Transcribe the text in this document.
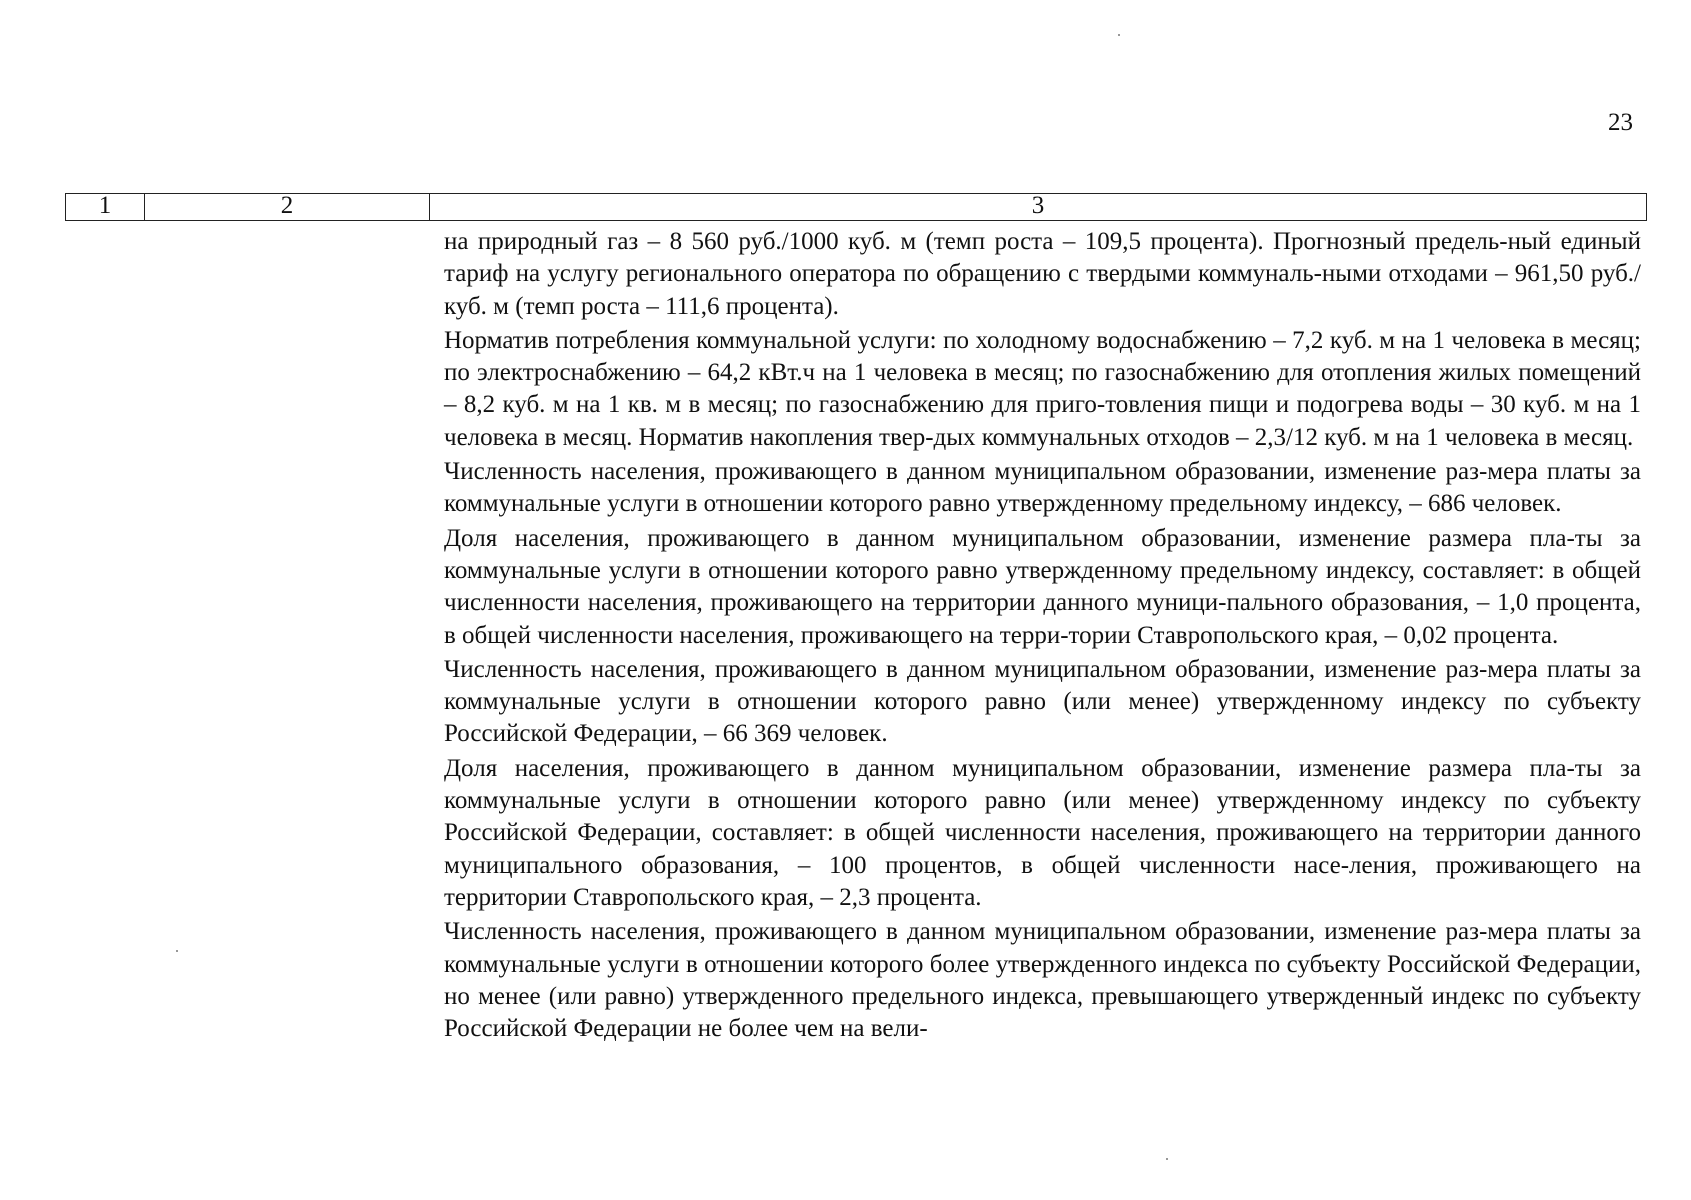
23
1	2	3

на природный газ – 8 560 руб./1000 куб. м (темп роста – 109,5 процента). Прогнозный предель-ный единый тариф на услугу регионального оператора по обращению с твердыми коммуналь-ными отходами – 961,50 руб./куб. м (темп роста – 111,6 процента).

Норматив потребления коммунальной услуги: по холодному водоснабжению – 7,2 куб. м на 1 человека в месяц; по электроснабжению – 64,2 кВт.ч на 1 человека в месяц; по газоснабжению для отопления жилых помещений – 8,2 куб. м на 1 кв. м в месяц; по газоснабжению для приго-товления пищи и подогрева воды – 30 куб. м на 1 человека в месяц. Норматив накопления твер-дых коммунальных отходов – 2,3/12 куб. м на 1 человека в месяц.

Численность населения, проживающего в данном муниципальном образовании, изменение раз-мера платы за коммунальные услуги в отношении которого равно утвержденному предельному индексу, – 686 человек.

Доля населения, проживающего в данном муниципальном образовании, изменение размера пла-ты за коммунальные услуги в отношении которого равно утвержденному предельному индексу, составляет: в общей численности населения, проживающего на территории данного муници-пального образования, – 1,0 процента, в общей численности населения, проживающего на терри-тории Ставропольского края, – 0,02 процента.

Численность населения, проживающего в данном муниципальном образовании, изменение раз-мера платы за коммунальные услуги в отношении которого равно (или менее) утвержденному индексу по субъекту Российской Федерации, – 66 369 человек.

Доля населения, проживающего в данном муниципальном образовании, изменение размера пла-ты за коммунальные услуги в отношении которого равно (или менее) утвержденному индексу по субъекту Российской Федерации, составляет: в общей численности населения, проживающего на территории данного муниципального образования, – 100 процентов, в общей численности насе-ления, проживающего на территории Ставропольского края, – 2,3 процента.

Численность населения, проживающего в данном муниципальном образовании, изменение раз-мера платы за коммунальные услуги в отношении которого более утвержденного индекса по субъекту Российской Федерации, но менее (или равно) утвержденного предельного индекса, превышающего утвержденный индекс по субъекту Российской Федерации не более чем на вели-
